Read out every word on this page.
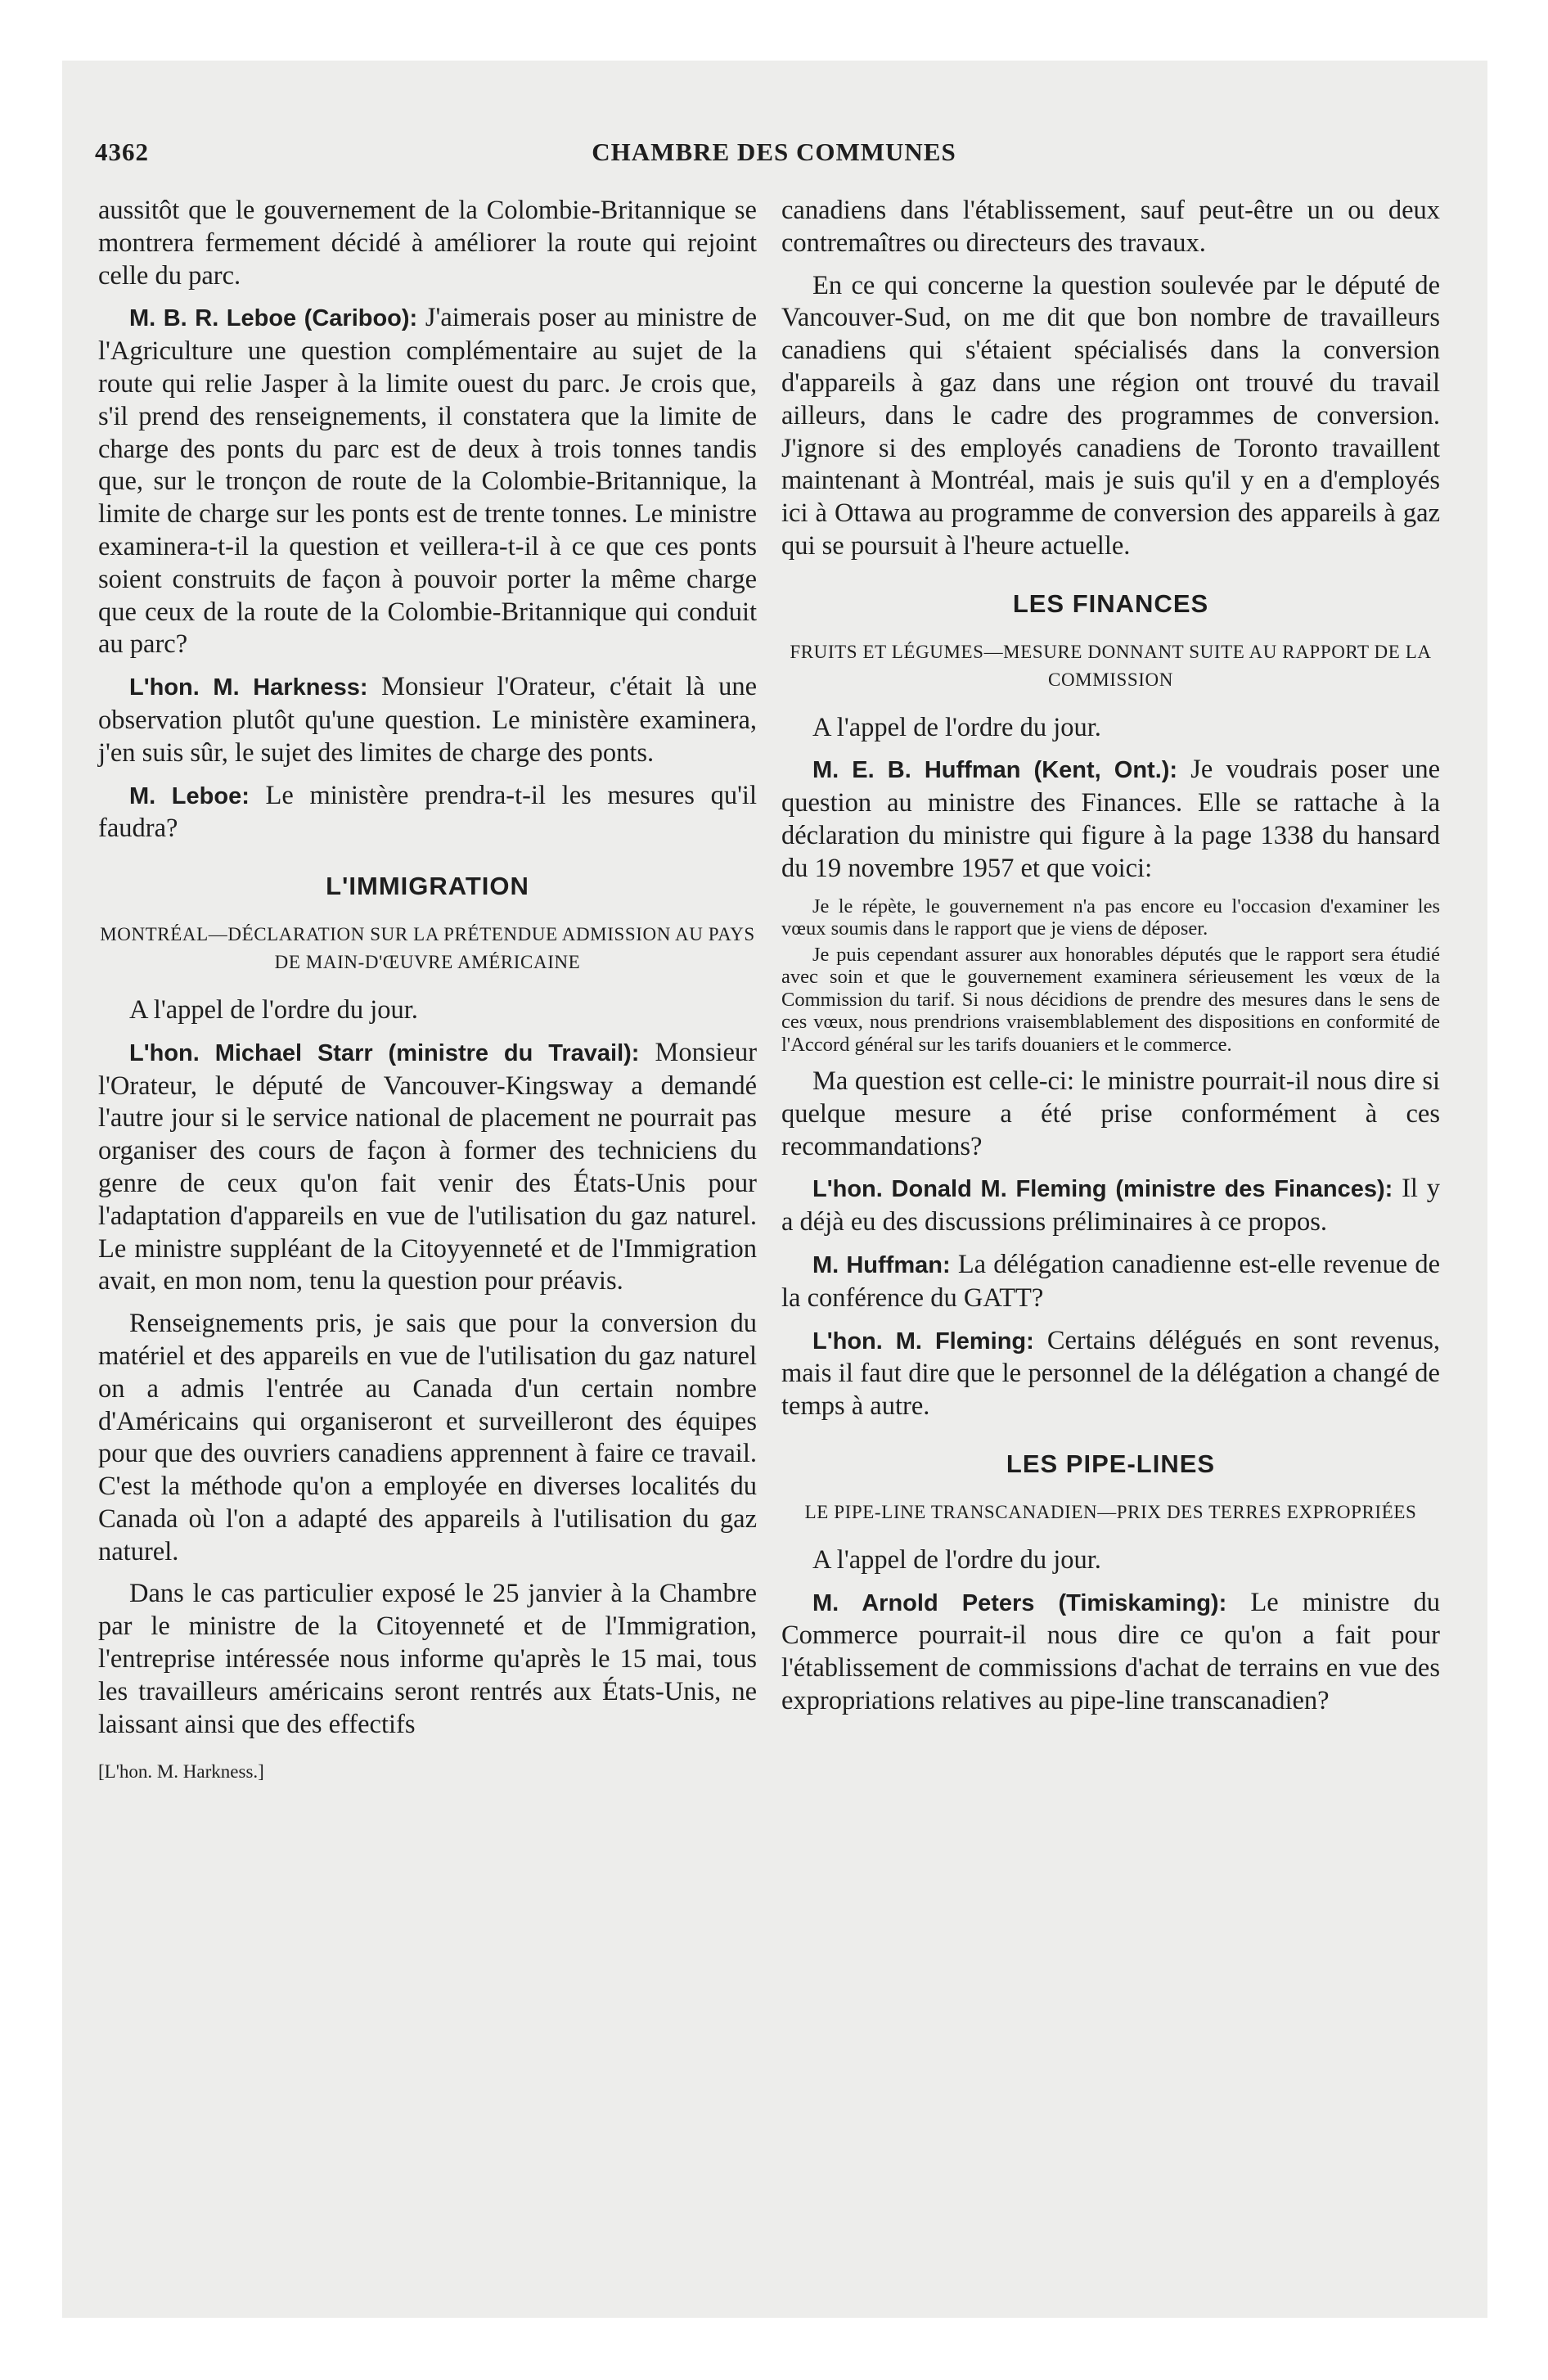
4362	CHAMBRE DES COMMUNES

aussitôt que le gouvernement de la Colombie-Britannique se montrera fermement décidé à améliorer la route qui rejoint celle du parc.

M. B. R. Leboe (Cariboo): J'aimerais poser au ministre de l'Agriculture une question complémentaire au sujet de la route qui relie Jasper à la limite ouest du parc. Je crois que, s'il prend des renseignements, il constatera que la limite de charge des ponts du parc est de deux à trois tonnes tandis que, sur le tronçon de route de la Colombie-Britannique, la limite de charge sur les ponts est de trente tonnes. Le ministre examinera-t-il la question et veillera-t-il à ce que ces ponts soient construits de façon à pouvoir porter la même charge que ceux de la route de la Colombie-Britannique qui conduit au parc?

L'hon. M. Harkness: Monsieur l'Orateur, c'était là une observation plutôt qu'une question. Le ministère examinera, j'en suis sûr, le sujet des limites de charge des ponts.

M. Leboe: Le ministère prendra-t-il les mesures qu'il faudra?

L'IMMIGRATION
MONTRÉAL—DÉCLARATION SUR LA PRÉTENDUE ADMISSION AU PAYS DE MAIN-D'ŒUVRE AMÉRICAINE

A l'appel de l'ordre du jour.

L'hon. Michael Starr (ministre du Travail): Monsieur l'Orateur, le député de Vancouver-Kingsway a demandé l'autre jour si le service national de placement ne pourrait pas organiser des cours de façon à former des techniciens du genre de ceux qu'on fait venir des États-Unis pour l'adaptation d'appareils en vue de l'utilisation du gaz naturel. Le ministre suppléant de la Citoyyenneté et de l'Immigration avait, en mon nom, tenu la question pour préavis.

Renseignements pris, je sais que pour la conversion du matériel et des appareils en vue de l'utilisation du gaz naturel on a admis l'entrée au Canada d'un certain nombre d'Américains qui organiseront et surveilleront des équipes pour que des ouvriers canadiens apprennent à faire ce travail. C'est la méthode qu'on a employée en diverses localités du Canada où l'on a adapté des appareils à l'utilisation du gaz naturel.

Dans le cas particulier exposé le 25 janvier à la Chambre par le ministre de la Citoyenneté et de l'Immigration, l'entreprise intéressée nous informe qu'après le 15 mai, tous les travailleurs américains seront rentrés aux États-Unis, ne laissant ainsi que des effectifs

[L'hon. M. Harkness.]

canadiens dans l'établissement, sauf peut-être un ou deux contremaîtres ou directeurs des travaux.

En ce qui concerne la question soulevée par le député de Vancouver-Sud, on me dit que bon nombre de travailleurs canadiens qui s'étaient spécialisés dans la conversion d'appareils à gaz dans une région ont trouvé du travail ailleurs, dans le cadre des programmes de conversion. J'ignore si des employés canadiens de Toronto travaillent maintenant à Montréal, mais je suis qu'il y en a d'employés ici à Ottawa au programme de conversion des appareils à gaz qui se poursuit à l'heure actuelle.

LES FINANCES
FRUITS ET LÉGUMES—MESURE DONNANT SUITE AU RAPPORT DE LA COMMISSION

A l'appel de l'ordre du jour.

M. E. B. Huffman (Kent, Ont.): Je voudrais poser une question au ministre des Finances. Elle se rattache à la déclaration du ministre qui figure à la page 1338 du hansard du 19 novembre 1957 et que voici:

Je le répète, le gouvernement n'a pas encore eu l'occasion d'examiner les vœux soumis dans le rapport que je viens de déposer.

Je puis cependant assurer aux honorables députés que le rapport sera étudié avec soin et que le gouvernement examinera sérieusement les vœux de la Commission du tarif. Si nous décidions de prendre des mesures dans le sens de ces vœux, nous prendrions vraisemblablement des dispositions en conformité de l'Accord général sur les tarifs douaniers et le commerce.

Ma question est celle-ci: le ministre pourrait-il nous dire si quelque mesure a été prise conformément à ces recommandations?

L'hon. Donald M. Fleming (ministre des Finances): Il y a déjà eu des discussions préliminaires à ce propos.

M. Huffman: La délégation canadienne est-elle revenue de la conférence du GATT?

L'hon. M. Fleming: Certains délégués en sont revenus, mais il faut dire que le personnel de la délégation a changé de temps à autre.

LES PIPE-LINES
LE PIPE-LINE TRANSCANADIEN—PRIX DES TERRES EXPROPRIÉES

A l'appel de l'ordre du jour.

M. Arnold Peters (Timiskaming): Le ministre du Commerce pourrait-il nous dire ce qu'on a fait pour l'établissement de commissions d'achat de terrains en vue des expropriations relatives au pipe-line transcanadien?
